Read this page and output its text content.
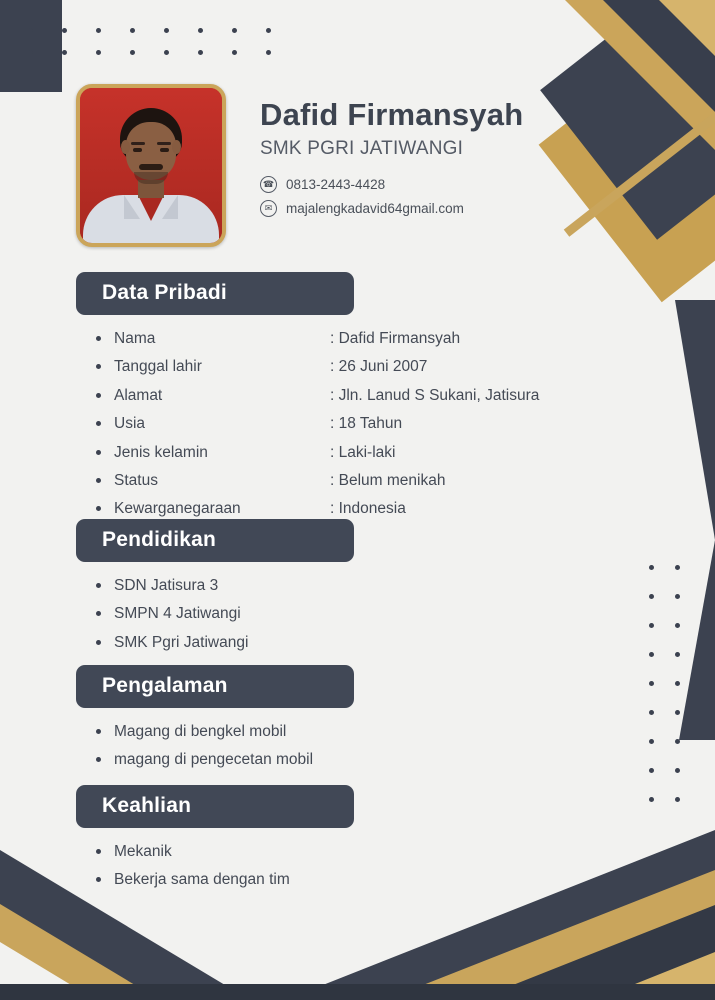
Dafid Firmansyah
SMK PGRI JATIWANGI
☎ 0813-2443-4428
✉	majalengkadavid64gmail.com
Data Pribadi
Nama	: Dafid Firmansyah
Tanggal lahir	: 26 Juni 2007
Alamat	: Jln. Lanud S Sukani, Jatisura
Usia	: 18 Tahun
Jenis kelamin	: Laki-laki
Status	: Belum menikah
Kewarganegaraan	: Indonesia
Pendidikan
SDN Jatisura 3
SMPN 4 Jatiwangi
SMK Pgri Jatiwangi
Pengalaman
Magang di bengkel mobil
magang di pengecetan mobil
Keahlian
Mekanik
Bekerja sama dengan tim
